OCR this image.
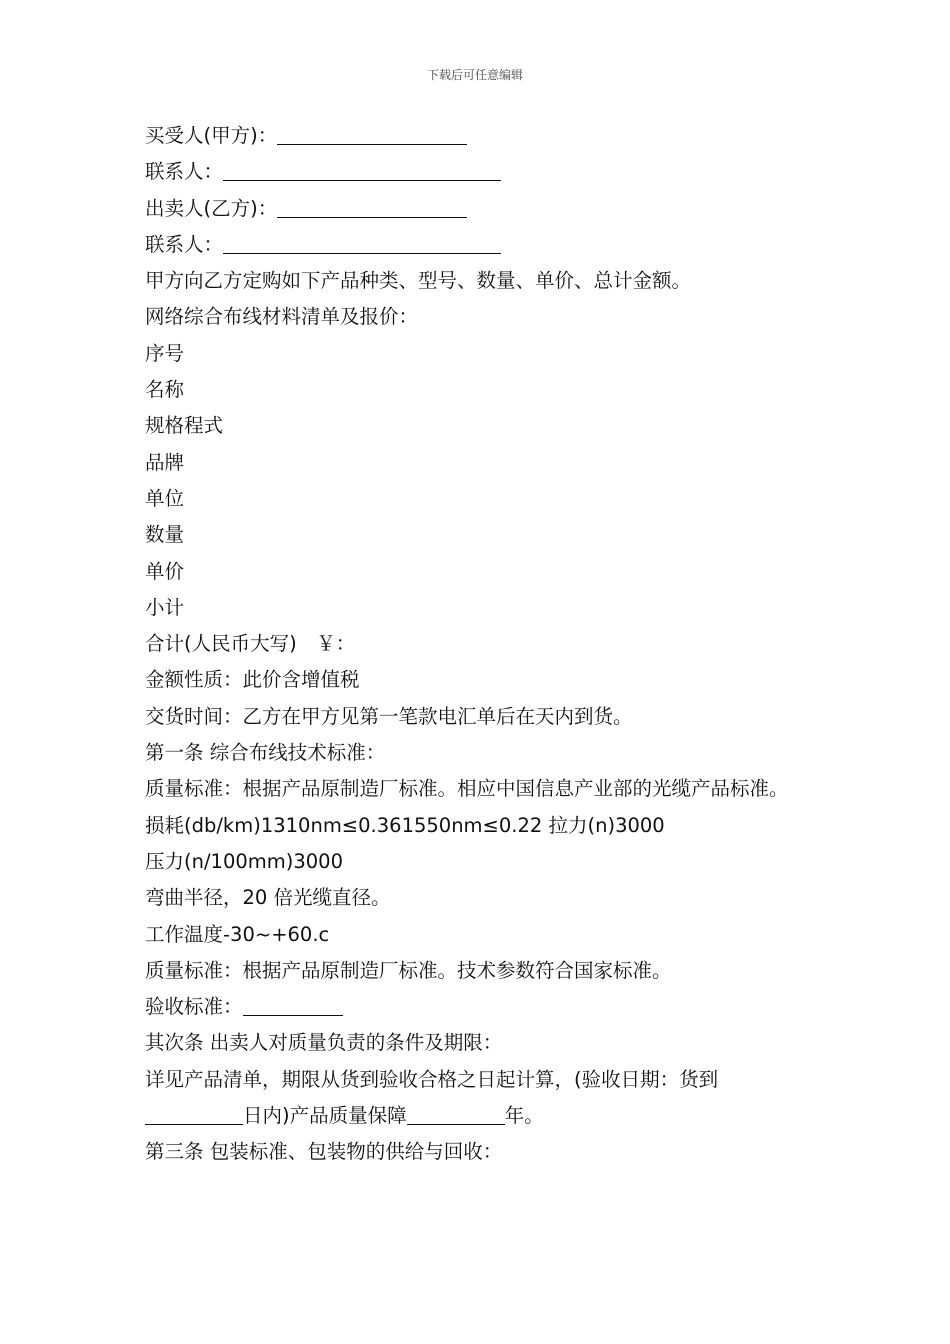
下载后可任意编辑
买受人(甲方)：
联系人：
出卖人(乙方)：
联系人：
甲方向乙方定购如下产品种类、型号、数量、单价、总计金额。
网络综合布线材料清单及报价：
序号
名称
规格程式
品牌
单位
数量
单价
小计
合计(人民币大写)　￥：
金额性质：此价含增值税
交货时间：乙方在甲方见第一笔款电汇单后在天内到货。
第一条 综合布线技术标准：
质量标准：根据产品原制造厂标准。相应中国信息产业部的光缆产品标准。
损耗(db/km)1310nm≤0.361550nm≤0.22 拉力(n)3000
压力(n/100mm)3000
弯曲半径，20 倍光缆直径。
工作温度-30~+60.c
质量标准：根据产品原制造厂标准。技术参数符合国家标准。
验收标准：
其次条 出卖人对质量负责的条件及期限：
详见产品清单，期限从货到验收合格之日起计算，(验收日期：货到
日内)产品质量保障	年。
第三条 包装标准、包装物的供给与回收：
